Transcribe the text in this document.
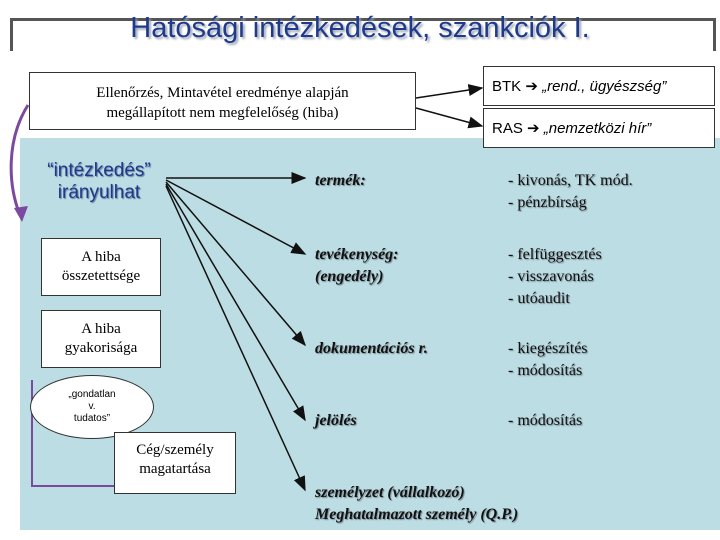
Hatósági intézkedések, szankciók I.
Ellenőrzés, Mintavétel eredménye alapján
megállapított nem megfelelőség (hiba)
BTK ➔ „rend., ügyészség”
RAS ➔ „nemzetközi hír”
“intézkedés”
irányulhat
A hiba
összetettsége
A hiba
gyakorisága
„gondatlan
v.
tudatos”
Cég/személy
magatartása
termék:
tevékenység:
(engedély)
dokumentációs r.
jelölés
személyzet (vállalkozó)
Meghatalmazott személy (Q.P.)
- kivonás, TK mód.
- pénzbírság
- felfüggesztés
- visszavonás
- utóaudit
- kiegészítés
- módosítás
- módosítás
